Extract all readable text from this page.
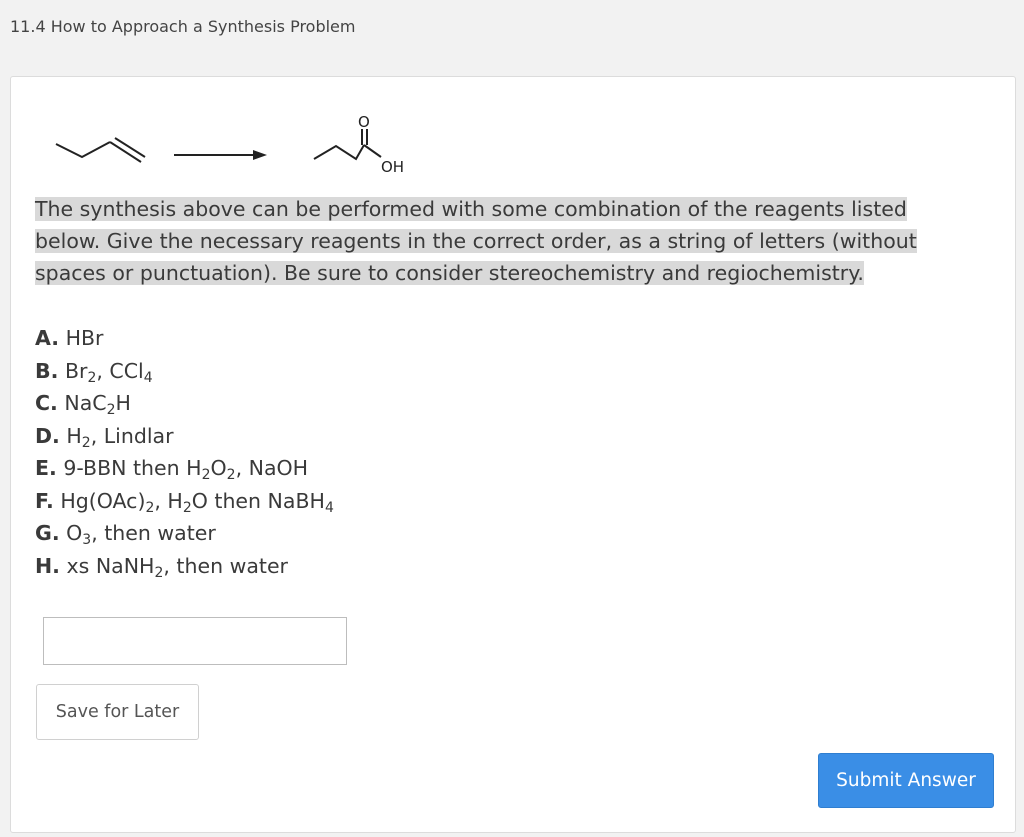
11.4 How to Approach a Synthesis Problem
O
OH
The synthesis above can be performed with some combination of the reagents listed below. Give the necessary reagents in the correct order, as a string of letters (without spaces or punctuation). Be sure to consider stereochemistry and regiochemistry.
A. HBr
B. $Br_2$, CCl$_4$
C. NaC$_2$H
D. $H_2$, Lindlar
E. 9-BBN then $H_2O_2$, NaOH
F. $Hg(OAc)_2$, $H_2O$ then NaBH$_4$
G. $O_3$, then water
H. xs NaNH$_2$, then water
Save for Later
Submit Answer
